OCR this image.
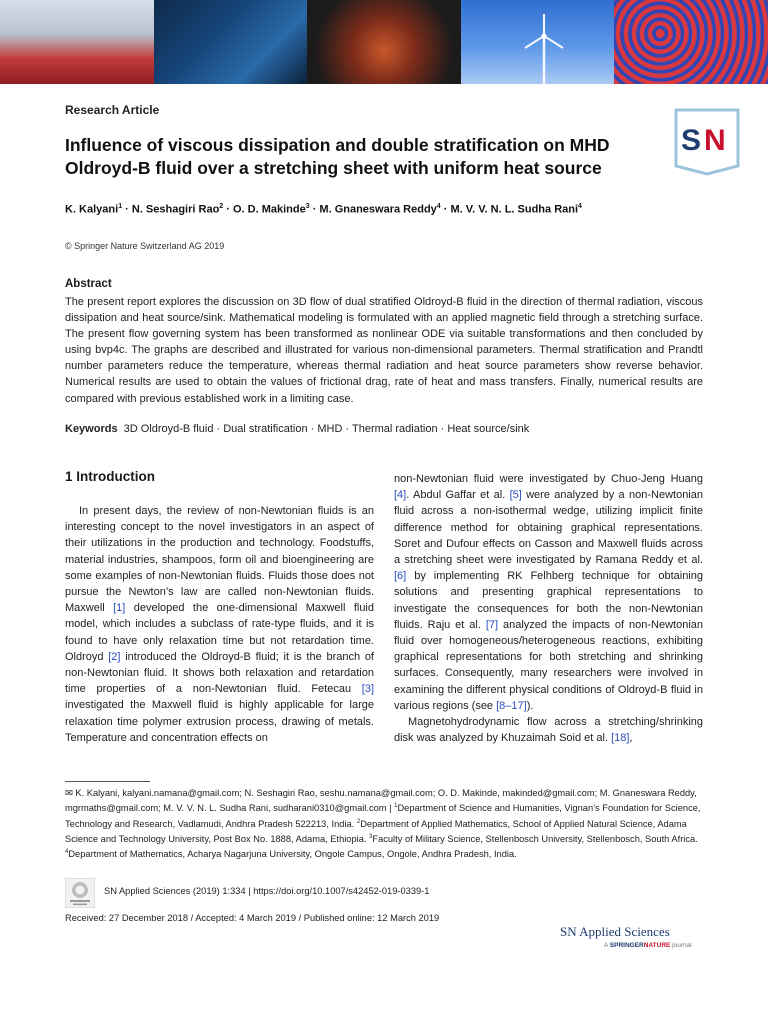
Research Article
S N
Influence of viscous dissipation and double stratification on MHD Oldroyd-B fluid over a stretching sheet with uniform heat source
K. Kalyani$^1$ · N. Seshagiri Rao$^2$ · O. D. Makinde$^3$ · M. Gnaneswara Reddy$^4$ · M. V. V. N. L. Sudha Rani$^4$
© Springer Nature Switzerland AG 2019
Abstract
The present report explores the discussion on 3D flow of dual stratified Oldroyd-B fluid in the direction of thermal radiation, viscous dissipation and heat source/sink. Mathematical modeling is formulated with an applied magnetic field through a stretching surface. The present flow governing system has been transformed as nonlinear ODE via suitable transformations and then concluded by using bvp4c. The graphs are described and illustrated for various non-dimensional parameters. Thermal stratification and Prandtl number parameters reduce the temperature, whereas thermal radiation and heat source parameters show reverse behavior. Numerical results are used to obtain the values of frictional drag, rate of heat and mass transfers. Finally, numerical results are compared with previous established work in a limiting case.
Keywords 3D Oldroyd-B fluid · Dual stratification · MHD · Thermal radiation · Heat source/sink
1 Introduction

In present days, the review of non-Newtonian fluids is an interesting concept to the novel investigators in an aspect of their utilizations in the production and technology. Foodstuffs, material industries, shampoos, form oil and bioengineering are some examples of non-Newtonian fluids. Fluids those does not pursue the Newton’s law are called non-Newtonian fluids. Maxwell [1] developed the one-dimensional Maxwell fluid model, which includes a subclass of rate-type fluids, and it is found to have only relaxation time but not retardation time. Oldroyd [2] introduced the Oldroyd-B fluid; it is the branch of non-Newtonian fluid. It shows both relaxation and retardation time properties of a non-Newtonian fluid. Fetecau [3] investigated the Maxwell fluid is highly applicable for large relaxation time polymer extrusion process, drawing of metals. Temperature and concentration effects on

non-Newtonian fluid were investigated by Chuo-Jeng Huang [4]. Abdul Gaffar et al. [5] were analyzed by a non-Newtonian fluid across a non-isothermal wedge, utilizing implicit finite difference method for obtaining graphical representations. Soret and Dufour effects on Casson and Maxwell fluids across a stretching sheet were investigated by Ramana Reddy et al. [6] by implementing RK Felhberg technique for obtaining solutions and presenting graphical representations to investigate the consequences for both the non-Newtonian fluids. Raju et al. [7] analyzed the impacts of non-Newtonian fluid over homogeneous/heterogeneous reactions, exhibiting graphical representations for both stretching and shrinking surfaces. Consequently, many researchers were involved in examining the different physical conditions of Oldroyd-B fluid in various regions (see [8–17]).

Magnetohydrodynamic flow across a stretching/shrinking disk was analyzed by Khuzaimah Soid et al. [18],

✉ K. Kalyani, kalyani.namana@gmail.com; N. Seshagiri Rao, seshu.namana@gmail.com; O. D. Makinde, makinded@gmail.com; M. Gnaneswara Reddy, mgrmaths@gmail.com; M. V. V. N. L. Sudha Rani, sudharani0310@gmail.com | $^1$Department of Science and Humanities, Vignan’s Foundation for Science, Technology and Research, Vadlamudi, Andhra Pradesh 522213, India. $^2$Department of Applied Mathematics, School of Applied Natural Science, Adama Science and Technology University, Post Box No. 1888, Adama, Ethiopia. $^3$Faculty of Military Science, Stellenbosch University, Stellenbosch, South Africa. $^4$Department of Mathematics, Acharya Nagarjuna University, Ongole Campus, Ongole, Andhra Pradesh, India.
SN Applied Sciences (2019) 1:334 | https://doi.org/10.1007/s42452-019-0339-1
Received: 27 December 2018 / Accepted: 4 March 2019 / Published online: 12 March 2019
SN Applied Sciences
A SPRINGERNATURE journal
